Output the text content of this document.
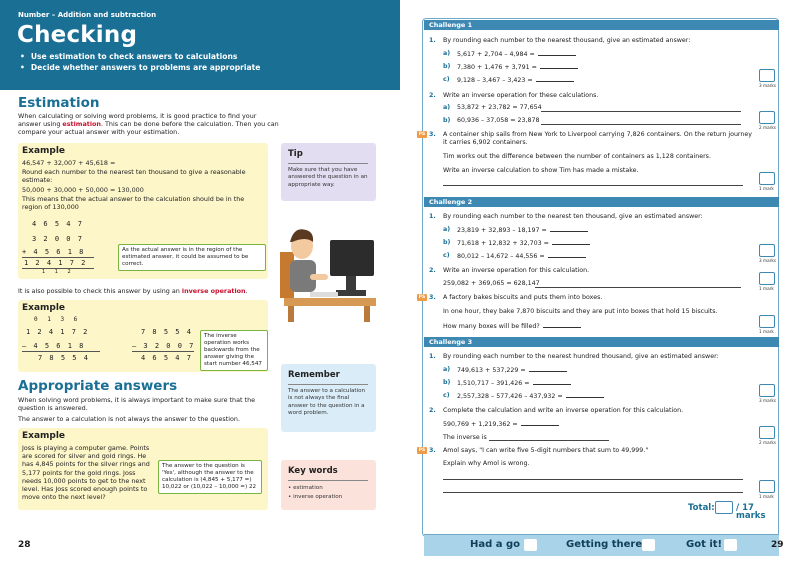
Number – Addition and subtraction
Checking
• Use estimation to check answers to calculations
• Decide whether answers to problems are appropriate
Estimation
When calculating or solving word problems, it is good practice to find your answer using estimation. This can be done before the calculation. Then you can compare your actual answer with your estimation.
Example
46,547 + 32,007 + 45,618 =
Round each number to the nearest ten thousand to give a reasonable estimate:
50,000 + 30,000 + 50,000 = 130,000
This means that the actual answer to the calculation should be in the region of 130,000
4 6 5 4 7
3 2 0 0 7
+ 4 5 6 1 8
1 2 4 1 7 2
1 1 2
As the actual answer is in the region of the estimated answer, it could be assumed to be correct.
It is also possible to check this answer by using an inverse operation.
Example
0 1 3 6
1 2 4 1 7 2
– 4 5 6 1 8
7 8 5 5 4
7 8 5 5 4
– 3 2 0 0 7
4 6 5 4 7
The inverse operation works backwards from the answer giving the start number 46,547
Appropriate answers
When solving word problems, it is always important to make sure that the question is answered.
The answer to a calculation is not always the answer to the question.
Example
Joss is playing a computer game. Points are scored for silver and gold rings. He has 4,845 points for the silver rings and 5,177 points for the gold rings. Joss needs 10,000 points to get to the next level. Has Joss scored enough points to move onto the next level?
The answer to the question is 'Yes', although the answer to the calculation is (4,845 + 5,177 =) 10,022 or (10,022 – 10,000 =) 22
Tip
Make sure that you have answered the question in an appropriate way.
Remember
The answer to a calculation is not always the final answer to the question in a word problem.
Key words
• estimation
• inverse operation
28
Challenge 1
1. By rounding each number to the nearest thousand, give an estimated answer:
a) 5,617 + 2,704 – 4,984 =
b) 7,380 + 1,476 + 3,791 =
c) 9,128 – 3,467 – 3,423 =
3 marks
2. Write an inverse operation for these calculations.
a) 53,872 + 23,782 = 77,654
b) 60,936 – 37,058 = 23,878
2 marks
PS 3. A container ship sails from New York to Liverpool carrying 7,826 containers. On the return journey it carries 6,902 containers.
Tim works out the difference between the number of containers as 1,128 containers.
Write an inverse calculation to show Tim has made a mistake.
1 mark
Challenge 2
1. By rounding each number to the nearest ten thousand, give an estimated answer:
a) 23,819 + 32,893 – 18,197 =
b) 71,618 + 12,832 + 32,703 =
c) 80,012 – 14,672 – 44,556 =
3 marks
2. Write an inverse operation for this calculation.
259,082 + 369,065 = 628,147
1 mark
PS 3. A factory bakes biscuits and puts them into boxes.
In one hour, they bake 7,870 biscuits and they are put into boxes that hold 15 biscuits.
How many boxes will be filled?
1 mark
Challenge 3
1. By rounding each number to the nearest hundred thousand, give an estimated answer:
a) 749,613 + 537,229 =
b) 1,510,717 – 391,426 =
c) 2,557,328 – 577,426 – 437,932 =
3 marks
2. Complete the calculation and write an inverse operation for this calculation.
590,769 + 1,219,362 =
The inverse is
2 marks
PS 3. Amol says, "I can write five 5-digit numbers that sum to 49,999."
Explain why Amol is wrong.
1 mark
Total:	/ 17 marks
Had a go	Getting there	Got it!	29
